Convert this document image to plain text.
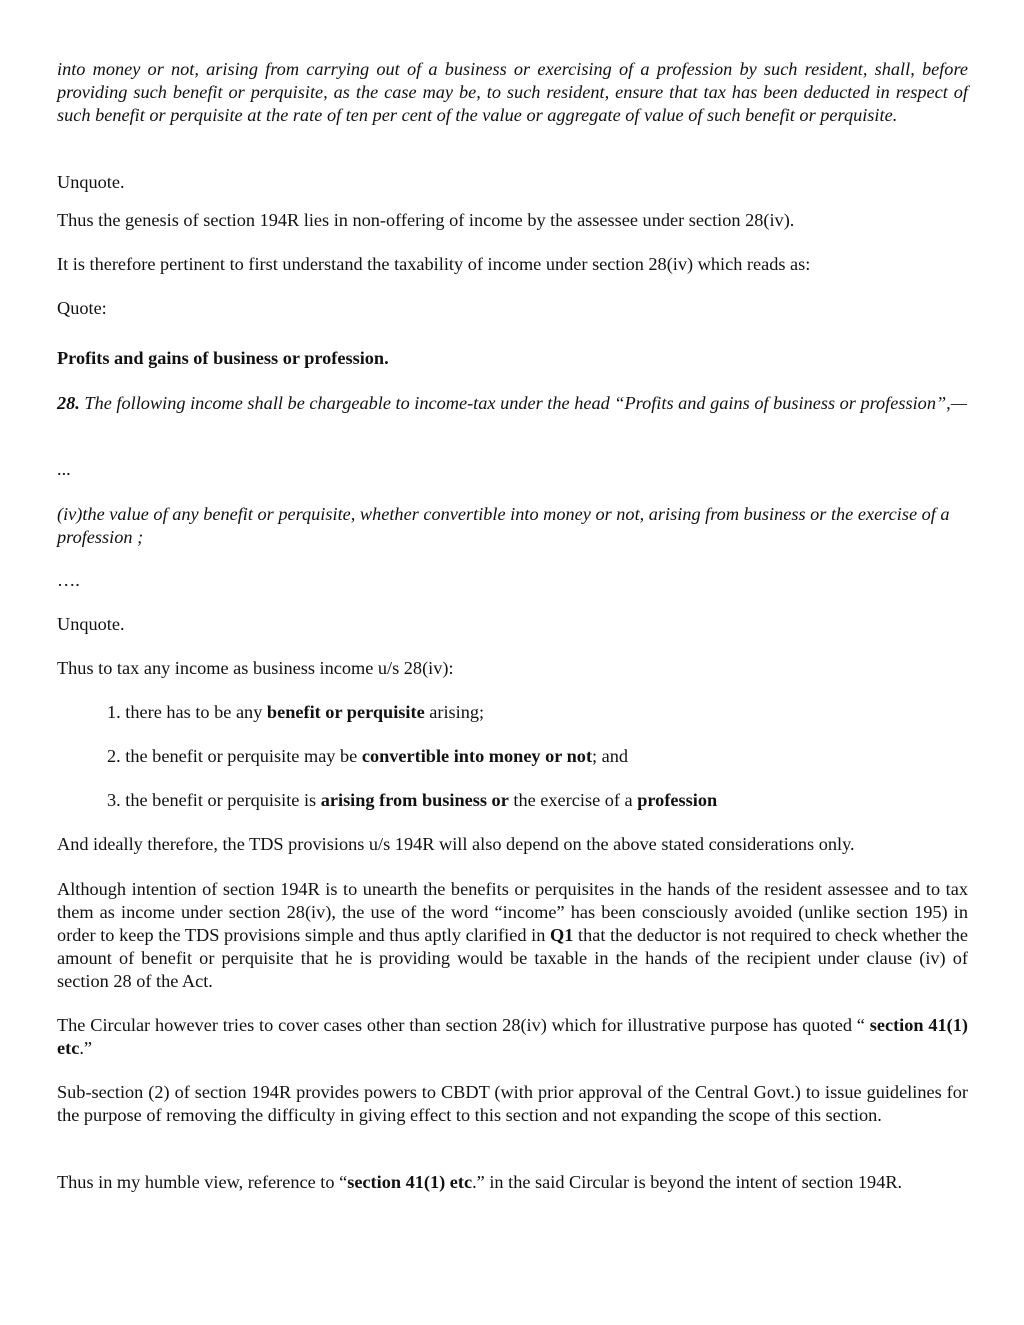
into money or not, arising from carrying out of a business or exercising of a profession by such resident, shall, before providing such benefit or perquisite, as the case may be, to such resident, ensure that tax has been deducted in respect of such benefit or perquisite at the rate of ten per cent of the value or aggregate of value of such benefit or perquisite.

Unquote.

Thus the genesis of section 194R lies in non-offering of income by the assessee under section 28(iv).

It is therefore pertinent to first understand the taxability of income under section 28(iv) which reads as:

Quote:

Profits and gains of business or profession.

28. The following income shall be chargeable to income-tax under the head “Profits and gains of business or profession”,—

...

(iv)the value of any benefit or perquisite, whether convertible into money or not, arising from business or the exercise of a profession ;

….

Unquote.

Thus to tax any income as business income u/s 28(iv):

1. there has to be any benefit or perquisite arising;

2. the benefit or perquisite may be convertible into money or not; and

3. the benefit or perquisite is arising from business or the exercise of a profession

And ideally therefore, the TDS provisions u/s 194R will also depend on the above stated considerations only.

Although intention of section 194R is to unearth the benefits or perquisites in the hands of the resident assessee and to tax them as income under section 28(iv), the use of the word “income” has been consciously avoided (unlike section 195) in order to keep the TDS provisions simple and thus aptly clarified in Q1 that the deductor is not required to check whether the amount of benefit or perquisite that he is providing would be taxable in the hands of the recipient under clause (iv) of section 28 of the Act.

The Circular however tries to cover cases other than section 28(iv) which for illustrative purpose has quoted “ section 41(1) etc.”

Sub-section (2) of section 194R provides powers to CBDT (with prior approval of the Central Govt.) to issue guidelines for the purpose of removing the difficulty in giving effect to this section and not expanding the scope of this section.

Thus in my humble view, reference to “section 41(1) etc.” in the said Circular is beyond the intent of section 194R.
